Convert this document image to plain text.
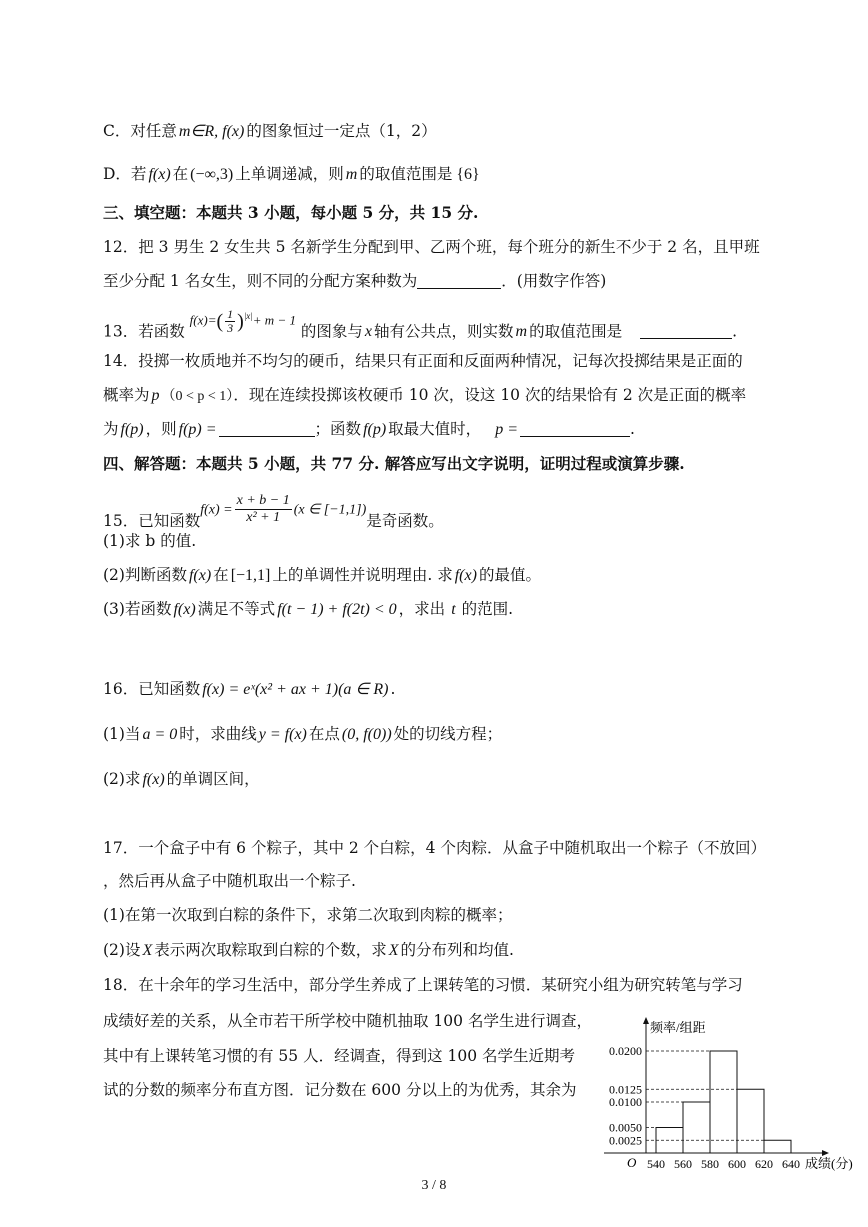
C．对任意 m∈R, f(x) 的图象恒过一定点（1，2）
D．若 f(x) 在 (−∞,3) 上单调递减，则 m 的取值范围是 {6}
三、填空题：本题共 3 小题，每小题 5 分，共 15 分.
12．把 3 男生 2 女生共 5 名新学生分配到甲、乙两个班，每个班分的新生不少于 2 名，且甲班
至少分配 1 名女生，则不同的分配方案种数为	．(用数字作答)
13．若函数 $f(x)=( \frac{1}{3} )^{|x|}+ m - 1$ 的图象与 x 轴有公共点，则实数 m 的取值范围是	.
14．投掷一枚质地并不均匀的硬币，结果只有正面和反面两种情况，记每次投掷结果是正面的
概率为 p （0 < p < 1）．现在连续投掷该枚硬币 10 次，设这 10 次的结果恰有 2 次是正面的概率
为 f(p) ，则 f(p) =	；函数 f(p) 取最大值时， p =	.
四、解答题：本题共 5 小题，共 77 分. 解答应写出文字说明，证明过程或演算步骤.
15．已知函数$f(x) = \frac{x + b - 1}{\text{x² + 1}} (x$ ∈ [−1,1])是奇函数。
(1)求 b 的值.
(2)判断函数 f(x) 在 [−1,1] 上的单调性并说明理由. 求 f(x) 的最值。
(3)若函数 f(x) 满足不等式 f(t − 1) + f(2t) < 0 ，求出 t 的范围.
16．已知函数 f(x) = eˣ(x² + ax + 1)(a ∈ R) .
(1)当 a = 0 时，求曲线 y = f(x) 在点 (0, f(0)) 处的切线方程；
(2)求 f(x) 的单调区间，
17．一个盒子中有 6 个粽子，其中 2 个白粽，4 个肉粽．从盒子中随机取出一个粽子（不放回）
，然后再从盒子中随机取出一个粽子.
(1)在第一次取到白粽的条件下，求第二次取到肉粽的概率；
(2)设 X 表示两次取粽取到白粽的个数，求 X 的分布列和均值.
18．在十余年的学习生活中，部分学生养成了上课转笔的习惯．某研究小组为研究转笔与学习
成绩好差的关系，从全市若干所学校中随机抽取 100 名学生进行调查，
其中有上课转笔习惯的有 55 人．经调查，得到这 100 名学生近期考
试的分数的频率分布直方图．记分数在 600 分以上的为优秀，其余为
频率/组距
O
0.0200
0.0125
0.0100
0.0050
0.0025
540 560 580 600 620 640 成绩(分)
3 / 8
